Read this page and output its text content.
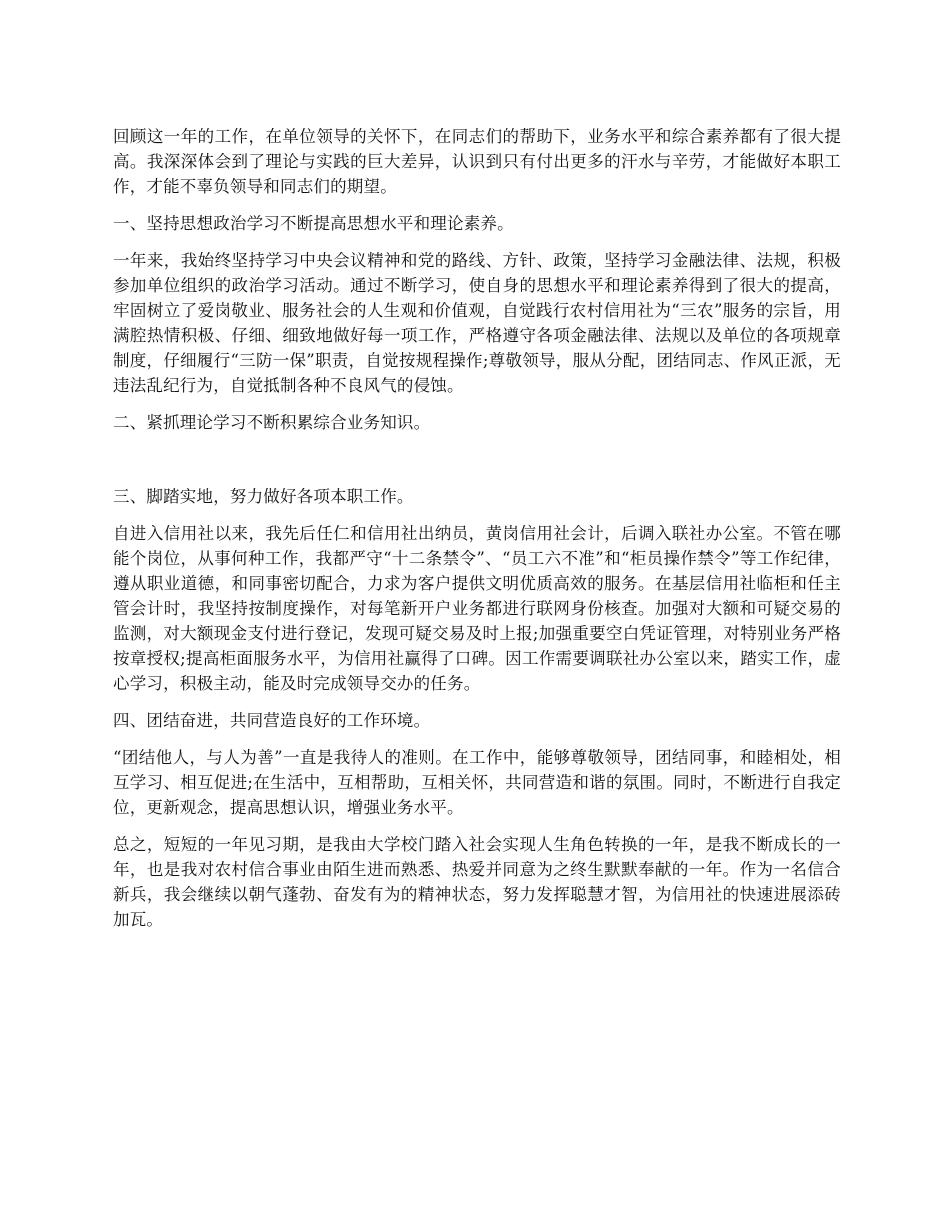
回顾这一年的工作，在单位领导的关怀下，在同志们的帮助下，业务水平和综合素养都有了很大提高。我深深体会到了理论与实践的巨大差异，认识到只有付出更多的汗水与辛劳，才能做好本职工作，才能不辜负领导和同志们的期望。

一、坚持思想政治学习不断提高思想水平和理论素养。

一年来，我始终坚持学习中央会议精神和党的路线、方针、政策，坚持学习金融法律、法规，积极参加单位组织的政治学习活动。通过不断学习，使自身的思想水平和理论素养得到了很大的提高，牢固树立了爱岗敬业、服务社会的人生观和价值观，自觉践行农村信用社为“三农”服务的宗旨，用满腔热情积极、仔细、细致地做好每一项工作，严格遵守各项金融法律、法规以及单位的各项规章制度，仔细履行“三防一保”职责，自觉按规程操作;尊敬领导，服从分配，团结同志、作风正派，无违法乱纪行为，自觉抵制各种不良风气的侵蚀。

二、紧抓理论学习不断积累综合业务知识。

三、脚踏实地，努力做好各项本职工作。

自进入信用社以来，我先后任仁和信用社出纳员，黄岗信用社会计，后调入联社办公室。不管在哪能个岗位，从事何种工作，我都严守“十二条禁令”、“员工六不准”和“柜员操作禁令”等工作纪律，遵从职业道德，和同事密切配合，力求为客户提供文明优质高效的服务。在基层信用社临柜和任主管会计时，我坚持按制度操作，对每笔新开户业务都进行联网身份核查。加强对大额和可疑交易的监测，对大额现金支付进行登记，发现可疑交易及时上报;加强重要空白凭证管理，对特别业务严格按章授权;提高柜面服务水平，为信用社赢得了口碑。因工作需要调联社办公室以来，踏实工作，虚心学习，积极主动，能及时完成领导交办的任务。

四、团结奋进，共同营造良好的工作环境。

“团结他人，与人为善”一直是我待人的准则。在工作中，能够尊敬领导，团结同事，和睦相处，相互学习、相互促进;在生活中，互相帮助，互相关怀，共同营造和谐的氛围。同时，不断进行自我定位，更新观念，提高思想认识，增强业务水平。

总之，短短的一年见习期，是我由大学校门踏入社会实现人生角色转换的一年，是我不断成长的一年，也是我对农村信合事业由陌生进而熟悉、热爱并同意为之终生默默奉献的一年。作为一名信合新兵，我会继续以朝气蓬勃、奋发有为的精神状态，努力发挥聪慧才智，为信用社的快速进展添砖加瓦。
